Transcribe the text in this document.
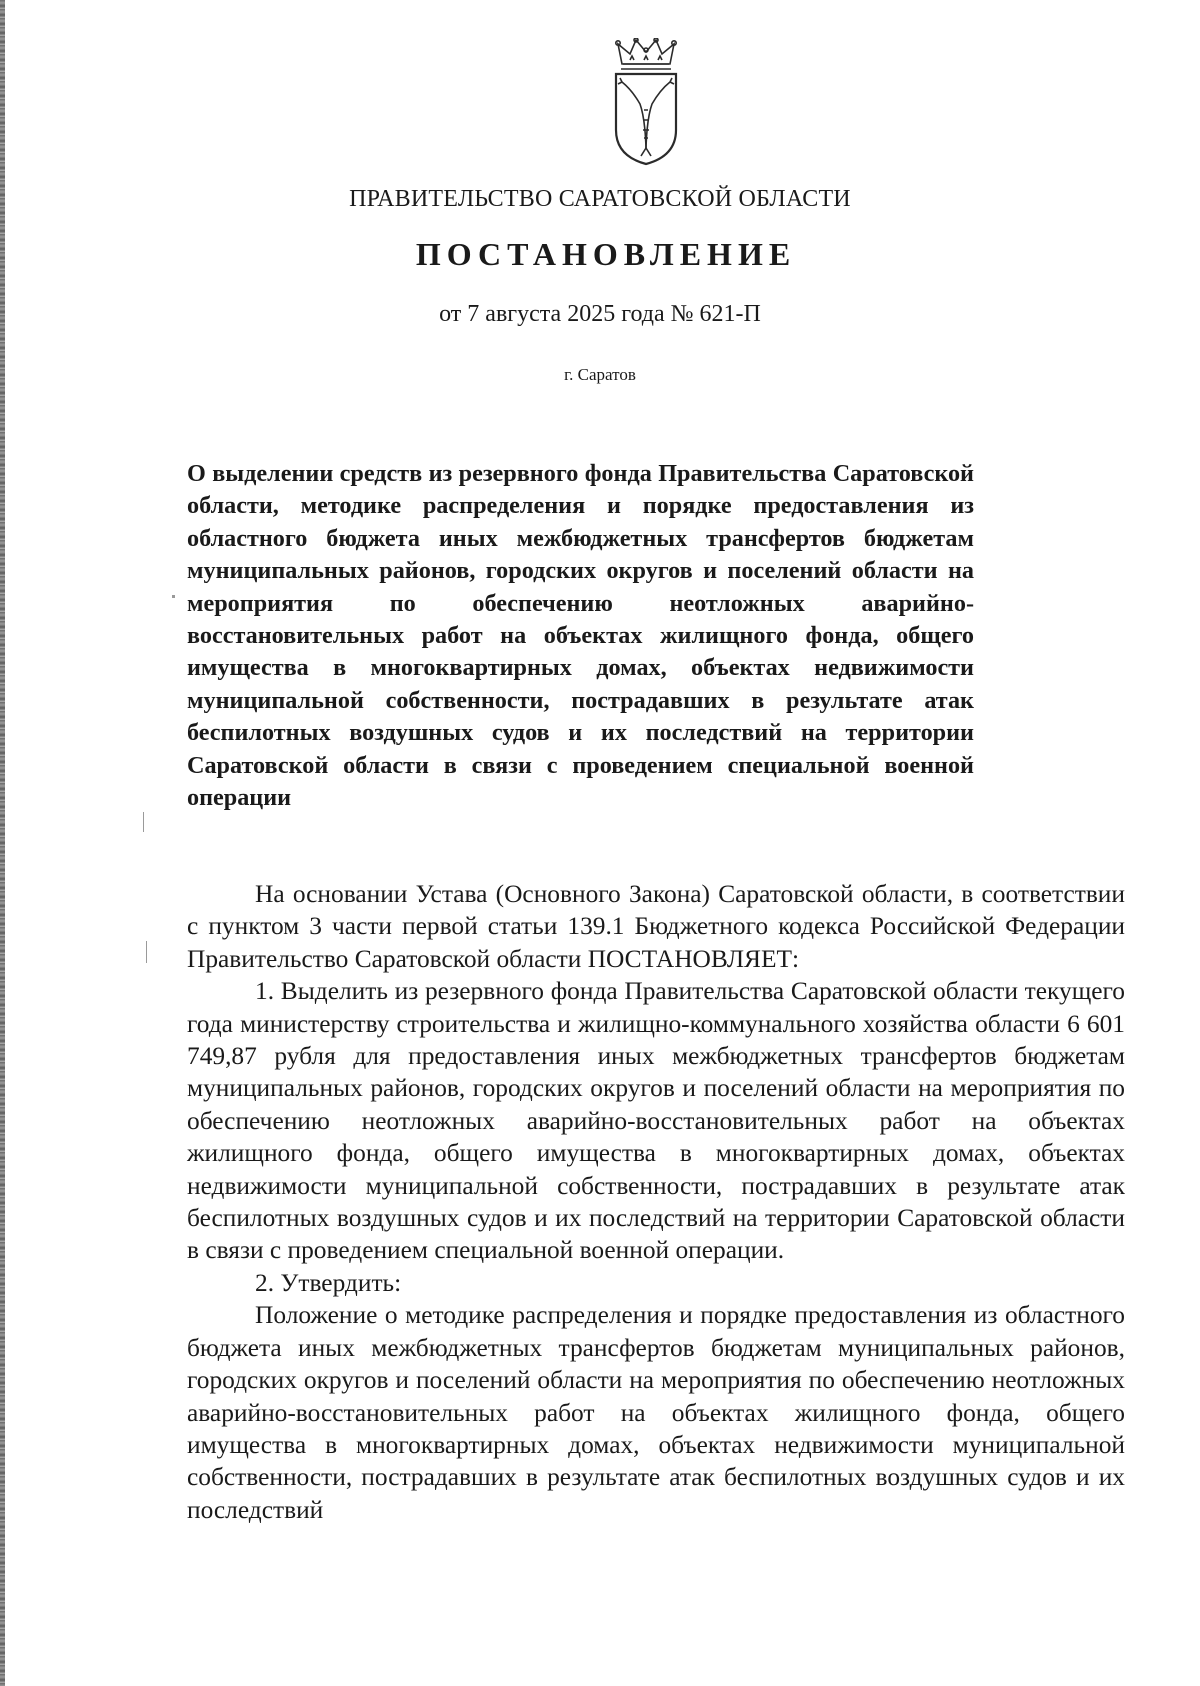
ПРАВИТЕЛЬСТВО САРАТОВСКОЙ ОБЛАСТИ
ПОСТАНОВЛЕНИЕ
от 7 августа 2025 года № 621-П
г. Саратов

О выделении средств из резервного фонда Правительства Саратовской области, методике распределения и порядке предоставления из областного бюджета иных межбюджетных трансфертов бюджетам муниципальных районов, городских округов и поселений области на мероприятия по обеспечению неотложных аварийно-восстановительных работ на объектах жилищного фонда, общего имущества в многоквартирных домах, объектах недвижимости муниципальной собственности, пострадавших в результате атак беспилотных воздушных судов и их последствий на территории Саратовской области в связи с проведением специальной военной операции

На основании Устава (Основного Закона) Саратовской области, в соответствии с пунктом 3 части первой статьи 139.1 Бюджетного кодекса Российской Федерации Правительство Саратовской области ПОСТАНОВЛЯЕТ:

1. Выделить из резервного фонда Правительства Саратовской области текущего года министерству строительства и жилищно-коммунального хозяйства области 6 601 749,87 рубля для предоставления иных межбюджетных трансфертов бюджетам муниципальных районов, городских округов и поселений области на мероприятия по обеспечению неотложных аварийно-восстановительных работ на объектах жилищного фонда, общего имущества в многоквартирных домах, объектах недвижимости муниципальной собственности, пострадавших в результате атак беспилотных воздушных судов и их последствий на территории Саратовской области в связи с проведением специальной военной операции.

2. Утвердить:

Положение о методике распределения и порядке предоставления из областного бюджета иных межбюджетных трансфертов бюджетам муниципальных районов, городских округов и поселений области на мероприятия по обеспечению неотложных аварийно-восстановительных работ на объектах жилищного фонда, общего имущества в многоквартирных домах, объектах недвижимости муниципальной собственности, пострадавших в результате атак беспилотных воздушных судов и их последствий
